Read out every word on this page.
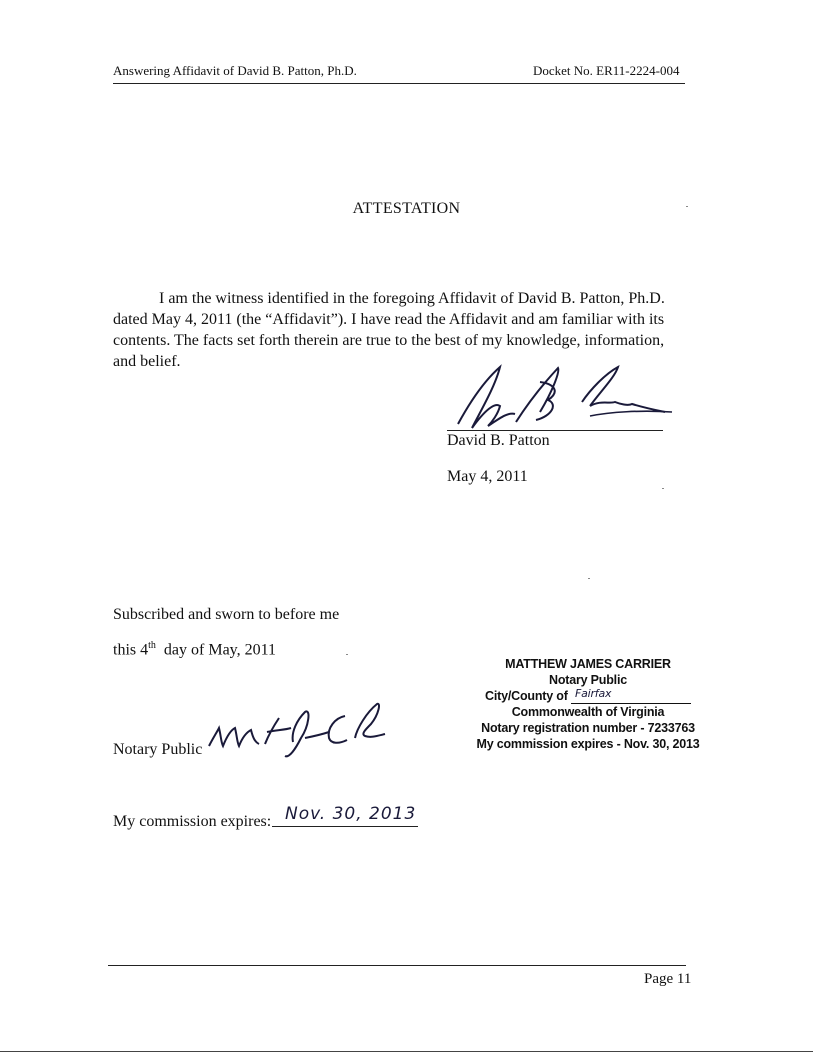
Answering Affidavit of David B. Patton, Ph.D.	Docket No. ER11-2224-004
ATTESTATION
I am the witness identified in the foregoing Affidavit of David B. Patton, Ph.D. dated May 4, 2011 (the “Affidavit”). I have read the Affidavit and am familiar with its contents. The facts set forth therein are true to the best of my knowledge, information, and belief.
David B. Patton
May 4, 2011
Subscribed and sworn to before me
this 4th day of May, 2011
Notary Public
My commission expires: Nov. 30, 2013
MATTHEW JAMES CARRIER
Notary Public
City/County of Fairfax
Commonwealth of Virginia
Notary registration number - 7233763
My commission expires - Nov. 30, 2013
Page 11
